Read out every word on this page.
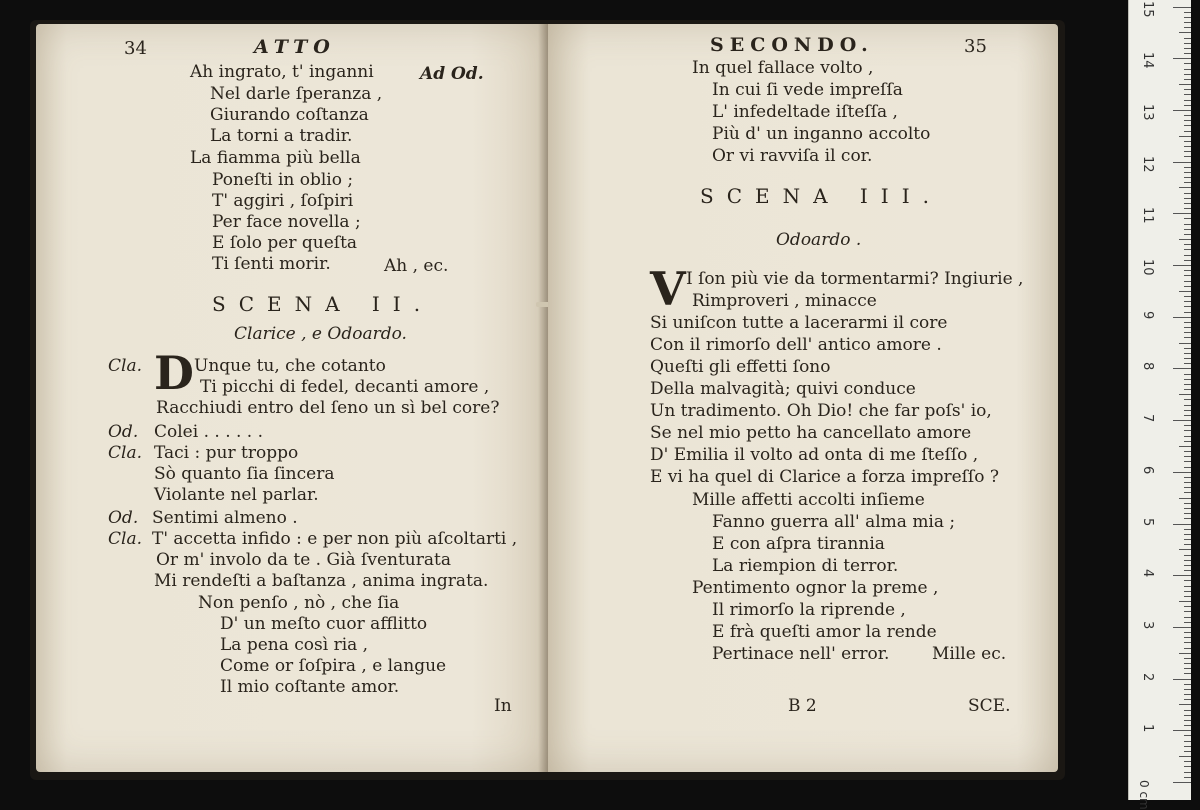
34	ATTO
Ad Od.
Ah ingrato, t' inganni
Nel darle ſperanza ,
Giurando coſtanza
La torni a tradir.
La fiamma più bella
Poneſti in oblio ;
T' aggiri , ſoſpiri
Per face novella ;
E ſolo per queſta
Ti ſenti morir.	Ah , ec.
SCENA II.
Clarice , e Odoardo.
Cla. D Unque tu, che cotanto
Ti picchi di fedel, decanti amore ,
Racchiudi entro del ſeno un sì bel core?
Od. Colei . . . . . .
Cla. Taci : pur troppo
Sò quanto ſia ſincera
Violante nel parlar.
Od. Sentimi almeno .
Cla. T' accetta infido : e per non più aſcoltarti ,
Or m' involo da te . Già ſventurata
Mi rendeſti a baſtanza , anima ingrata.
Non penſo , nò , che ſia
D' un meſto cuor afflitto
La pena così ria ,
Come or ſoſpira , e langue
Il mio coſtante amor.
In
SECONDO.	35
In quel fallace volto ,
In cui ſi vede impreſſa
L' infedeltade iſteſſa ,
Più d' un inganno accolto
Or vi ravviſa il cor.
SCENA III.
Odoardo .
V I ſon più vie da tormentarmi? Ingiurie ,
Rimproveri , minacce
Si uniſcon tutte a lacerarmi il core
Con il rimorſo dell' antico amore .
Queſti gli effetti ſono
Della malvagità; quivi conduce
Un tradimento. Oh Dio! che far poſs' io,
Se nel mio petto ha cancellato amore
D' Emilia il volto ad onta di me ſteſſo ,
E vi ha quel di Clarice a forza impreſſo ?
Mille affetti accolti inſieme
Fanno guerra all' alma mia ;
E con aſpra tirannia
La riempion di terror.
Pentimento ognor la preme ,
Il rimorſo la riprende ,
E frà queſti amor la rende
Pertinace nell' error.	Mille ec.
B 2	SCE.
0 cm
1
2
3
4
5
6
7
8
9
10
11
12
13
14
15
